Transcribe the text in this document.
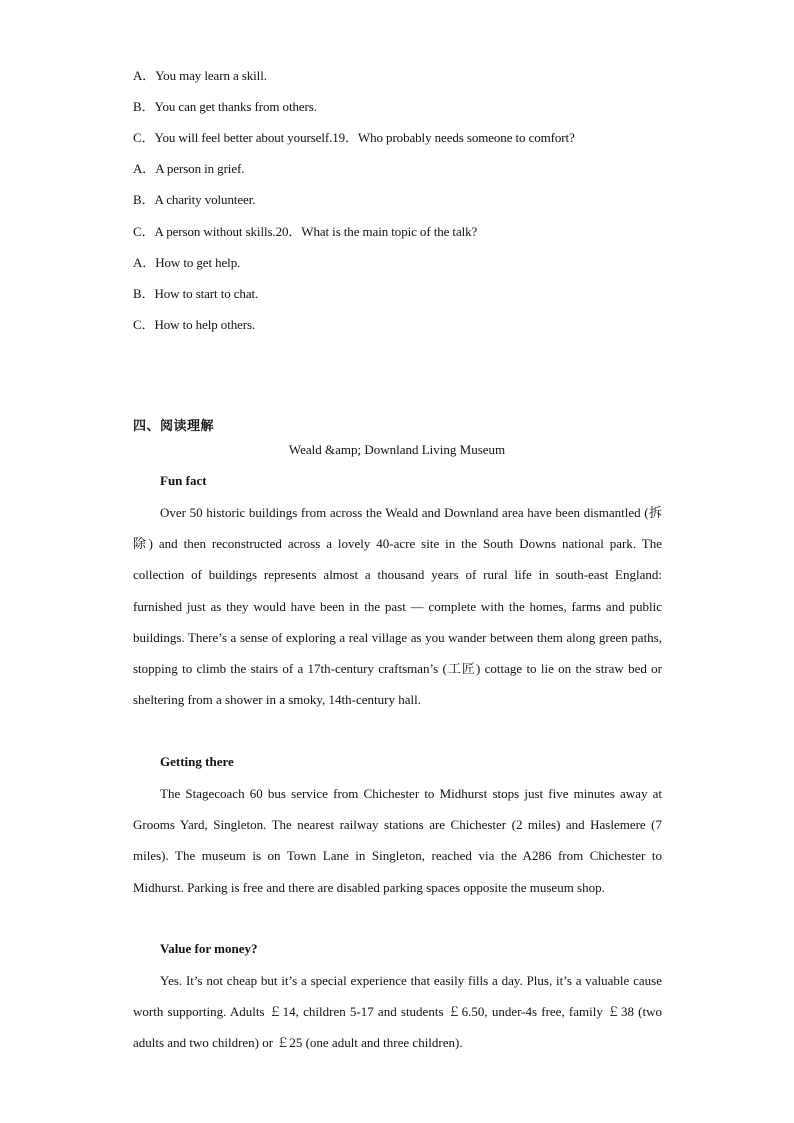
A．You may learn a skill.
B．You can get thanks from others.
C．You will feel better about yourself.19．Who probably needs someone to comfort?
A．A person in grief.
B．A charity volunteer.
C．A person without skills.20．What is the main topic of the talk?
A．How to get help.
B．How to start to chat.
C．How to help others.
四、阅读理解
Weald &amp; Downland Living Museum
Fun fact
Over 50 historic buildings from across the Weald and Downland area have been dismantled (拆除) and then reconstructed across a lovely 40-acre site in the South Downs national park. The collection of buildings represents almost a thousand years of rural life in south-east England: furnished just as they would have been in the past — complete with the homes, farms and public buildings. There’s a sense of exploring a real village as you wander between them along green paths, stopping to climb the stairs of a 17th-century craftsman’s (工匠) cottage to lie on the straw bed or sheltering from a shower in a smoky, 14th-century hall.
Getting there
The Stagecoach 60 bus service from Chichester to Midhurst stops just five minutes away at Grooms Yard, Singleton. The nearest railway stations are Chichester (2 miles) and Haslemere (7 miles). The museum is on Town Lane in Singleton, reached via the A286 from Chichester to Midhurst. Parking is free and there are disabled parking spaces opposite the museum shop.
Value for money?
Yes. It’s not cheap but it’s a special experience that easily fills a day. Plus, it’s a valuable cause worth supporting. Adults ￡14, children 5-17 and students ￡6.50, under-4s free, family ￡38 (two adults and two children) or ￡25 (one adult and three children).
